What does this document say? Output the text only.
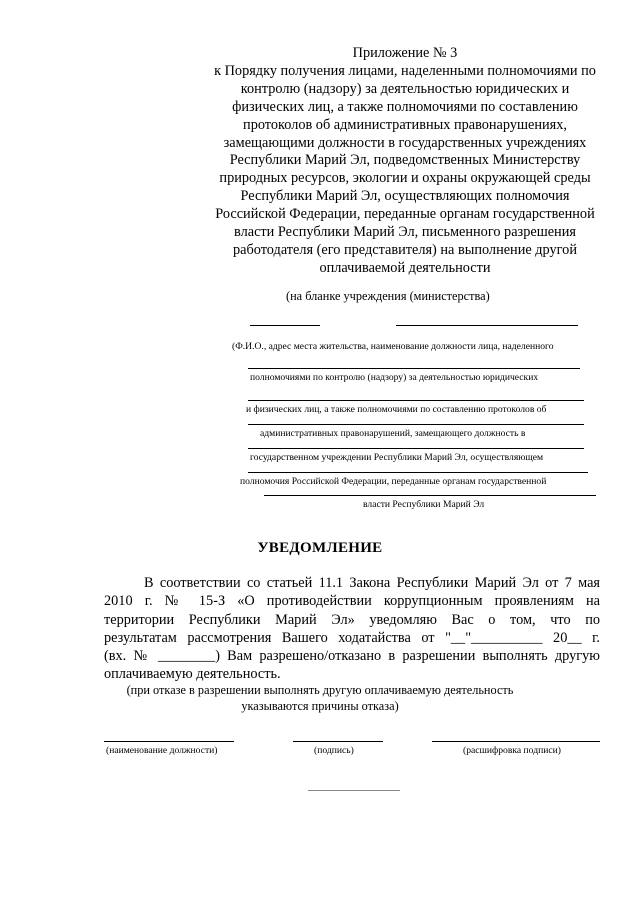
Приложение № 3
к Порядку получения лицами, наделенными полномочиями по
контролю (надзору) за деятельностью юридических и
физических лиц, а также полномочиями по составлению
протоколов об административных правонарушениях,
замещающими должности в государственных учреждениях
Республики Марий Эл, подведомственных Министерству
природных ресурсов, экологии и охраны окружающей среды
Республики Марий Эл, осуществляющих полномочия
Российской Федерации, переданные органам государственной
власти Республики Марий Эл, письменного разрешения
работодателя (его представителя) на выполнение другой
оплачиваемой деятельности
(на бланке учреждения (министерства)
(Ф.И.О., адрес места жительства, наименование должности лица, наделенного
полномочиями по контролю (надзору) за деятельностью юридических
и физических лиц, а также полномочиями по составлению протоколов об
административных правонарушений, замещающего должность в
государственном учреждении Республики Марий Эл, осуществляющем
полномочия Российской Федерации, переданные органам государственной
власти Республики Марий Эл
УВЕДОМЛЕНИЕ
В соответствии со статьей 11.1 Закона Республики Марий Эл от 7 мая
2010 г. № 15-З «О противодействии коррупционным проявлениям на
территории Республики Марий Эл» уведомляю Вас о том, что по
результатам рассмотрения Вашего ходатайства от "__"__________ 20__ г.
(вх. № ________) Вам разрешено/отказано в разрешении выполнять другую
оплачиваемую деятельность.
(при отказе в разрешении выполнять другую оплачиваемую деятельность
указываются причины отказа)
(наименование должности)	(подпись)	(расшифровка подписи)
